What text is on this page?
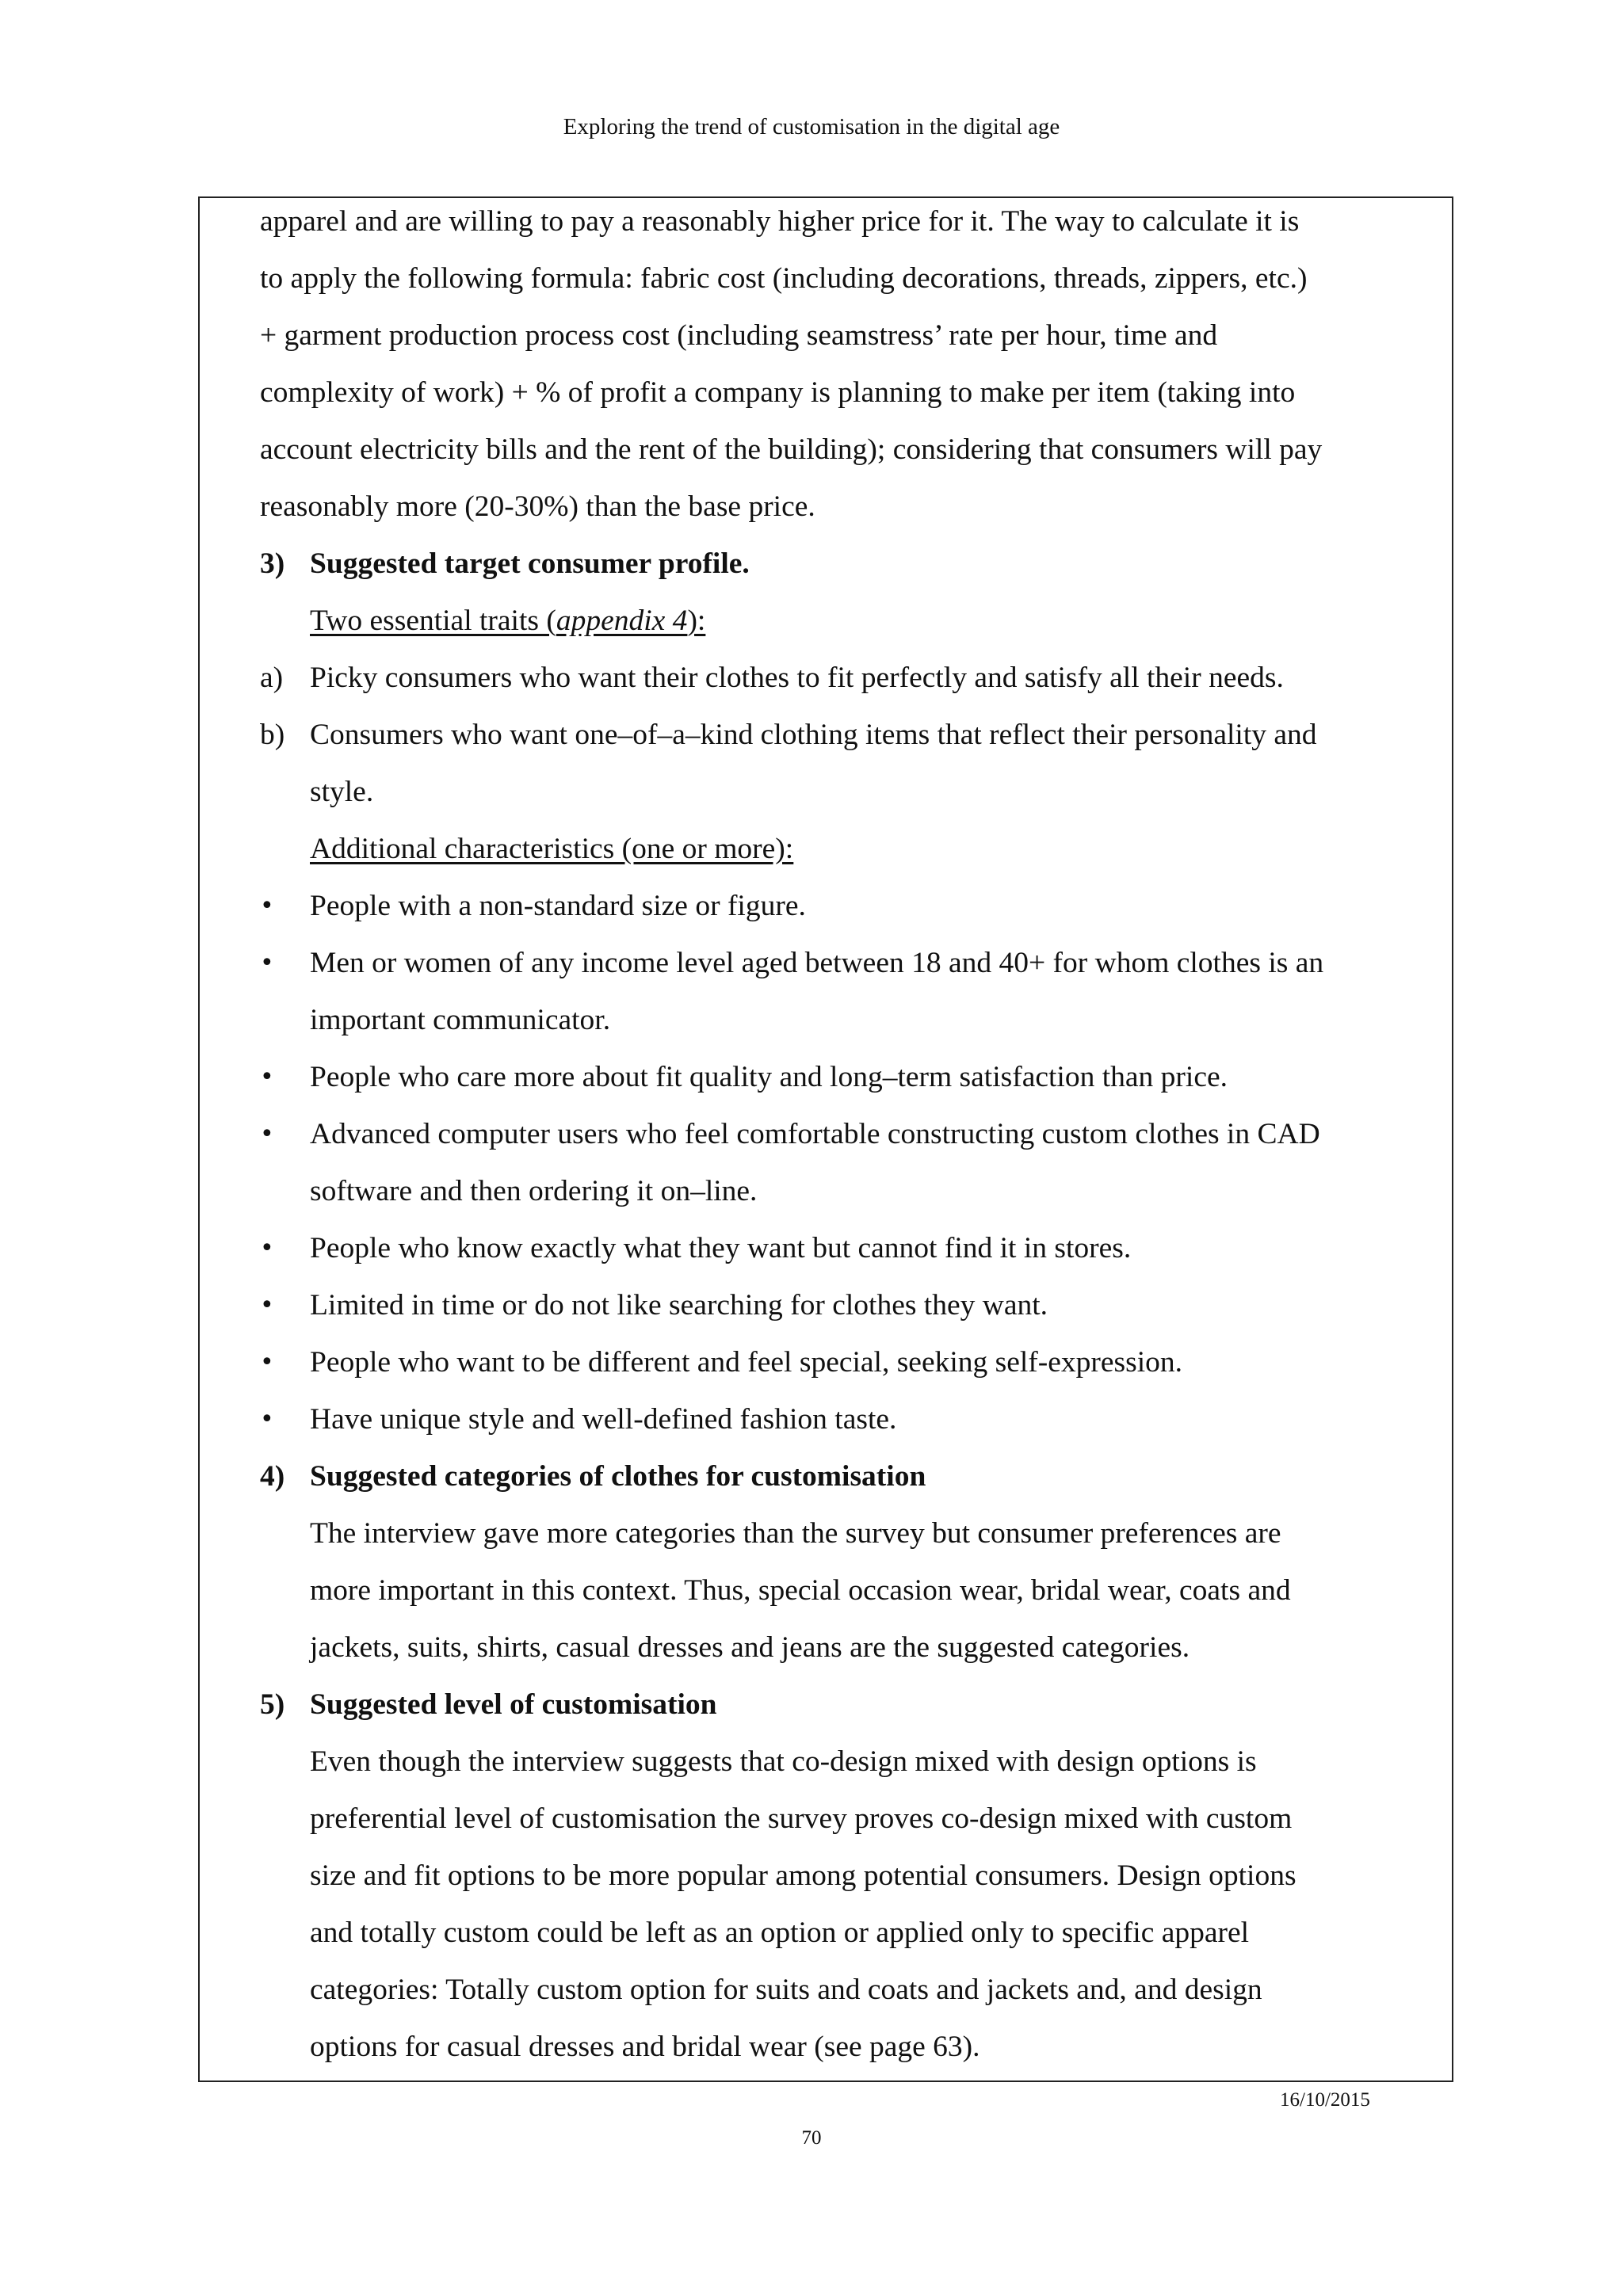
Exploring the trend of customisation in the digital age

apparel and are willing to pay a reasonably higher price for it. The way to calculate it is

to apply the following formula: fabric cost (including decorations, threads, zippers, etc.)

+ garment production process cost (including seamstress’ rate per hour, time and

complexity of work) + % of profit a company is planning to make per item (taking into

account electricity bills and the rent of the building); considering that consumers will pay

reasonably more (20-30%) than the base price.

3) Suggested target consumer profile.

Two essential traits (appendix 4):

a) Picky consumers who want their clothes to fit perfectly and satisfy all their needs.

b) Consumers who want one–of–a–kind clothing items that reflect their personality and

style.

Additional characteristics (one or more):

• People with a non-standard size or figure.

• Men or women of any income level aged between 18 and 40+ for whom clothes is an

important communicator.

• People who care more about fit quality and long–term satisfaction than price.

• Advanced computer users who feel comfortable constructing custom clothes in CAD

software and then ordering it on–line.

• People who know exactly what they want but cannot find it in stores.

• Limited in time or do not like searching for clothes they want.

• People who want to be different and feel special, seeking self-expression.

• Have unique style and well-defined fashion taste.

4) Suggested categories of clothes for customisation

The interview gave more categories than the survey but consumer preferences are

more important in this context. Thus, special occasion wear, bridal wear, coats and

jackets, suits, shirts, casual dresses and jeans are the suggested categories.

5) Suggested level of customisation

Even though the interview suggests that co-design mixed with design options is

preferential level of customisation the survey proves co-design mixed with custom

size and fit options to be more popular among potential consumers. Design options

and totally custom could be left as an option or applied only to specific apparel

categories: Totally custom option for suits and coats and jackets and, and design

options for casual dresses and bridal wear (see page 63).

16/10/2015
70
